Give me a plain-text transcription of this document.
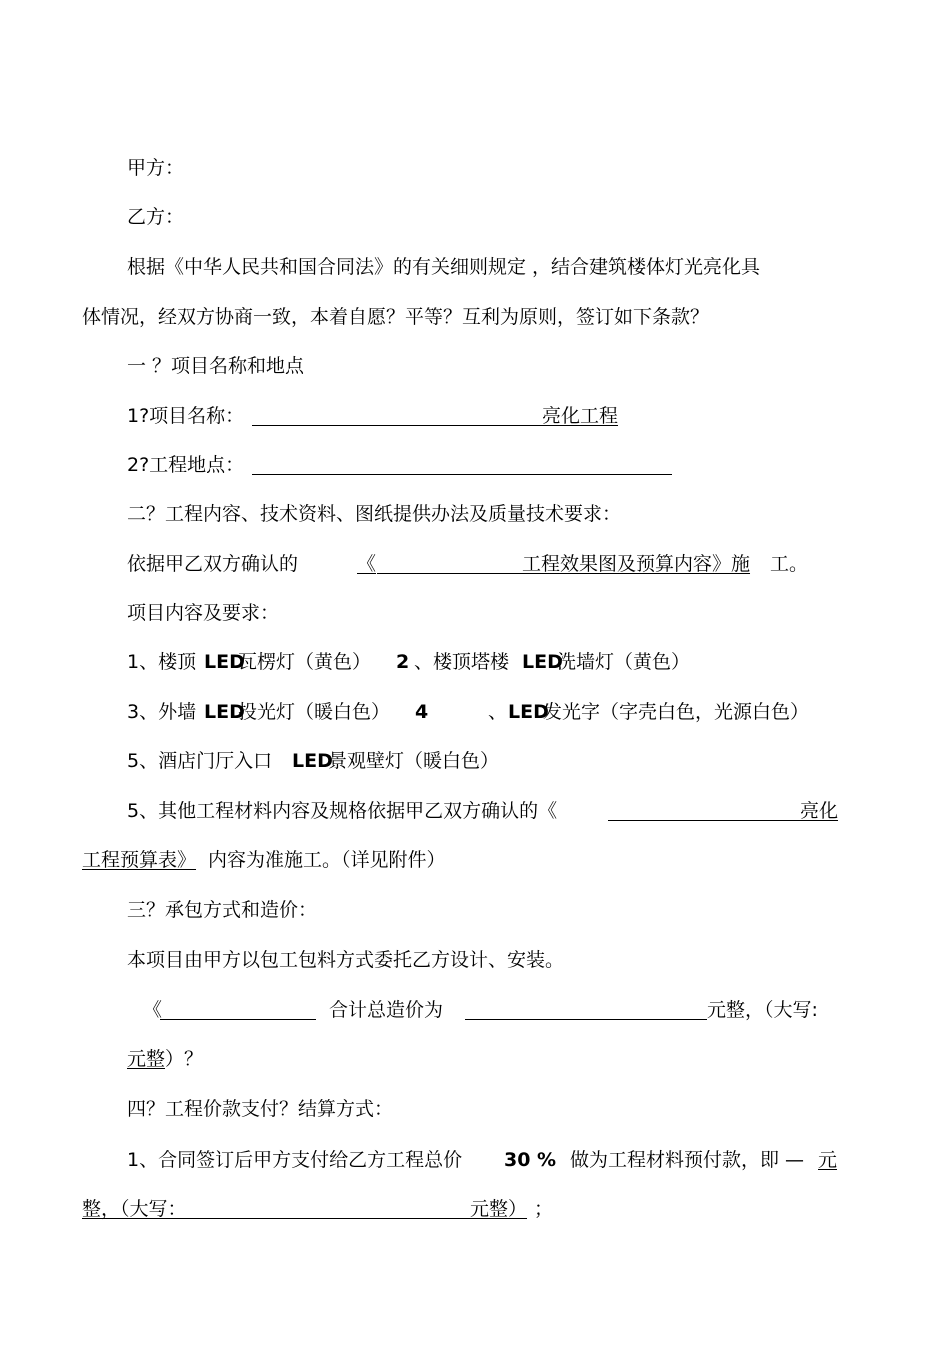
甲方：
乙方：
根据《中华人民共和国合同法》的有关细则规定 ，结合建筑楼体灯光亮化具
体情况，经双方协商一致，本着自愿？平等？互利为原则，签订如下条款？
一 ？项目名称和地点
1?项目名称：	亮化工程
2?工程地点：
二？工程内容、技术资料、图纸提供办法及质量技术要求：
依据甲乙双方确认的	《	工程效果图及预算内容》施 工。
项目内容及要求：
1、楼顶 LED
瓦楞灯（黄色） 2 、楼顶塔楼 LED
洗墙灯（黄色）
3、外墙 LED
投光灯（暖白色） 4	、 LED
发光字（字壳白色，光源白色）
5、酒店门厅入口 LED
景观壁灯（暖白色）
5、其他工程材料内容及规格依据甲乙双方确认的《	亮化
工程预算表》 内容为准施工。（详见附件）
三？承包方式和造价：
本项目由甲方以包工包料方式委托乙方设计、安装。
《	合计总造价为	元整，（大写:
元整 ）？
四？工程价款支付？结算方式：
1、合同签订后甲方支付给乙方工程总价 30 % 做为工程材料预付款，即 — 元
整，（大写：	元整） ；
